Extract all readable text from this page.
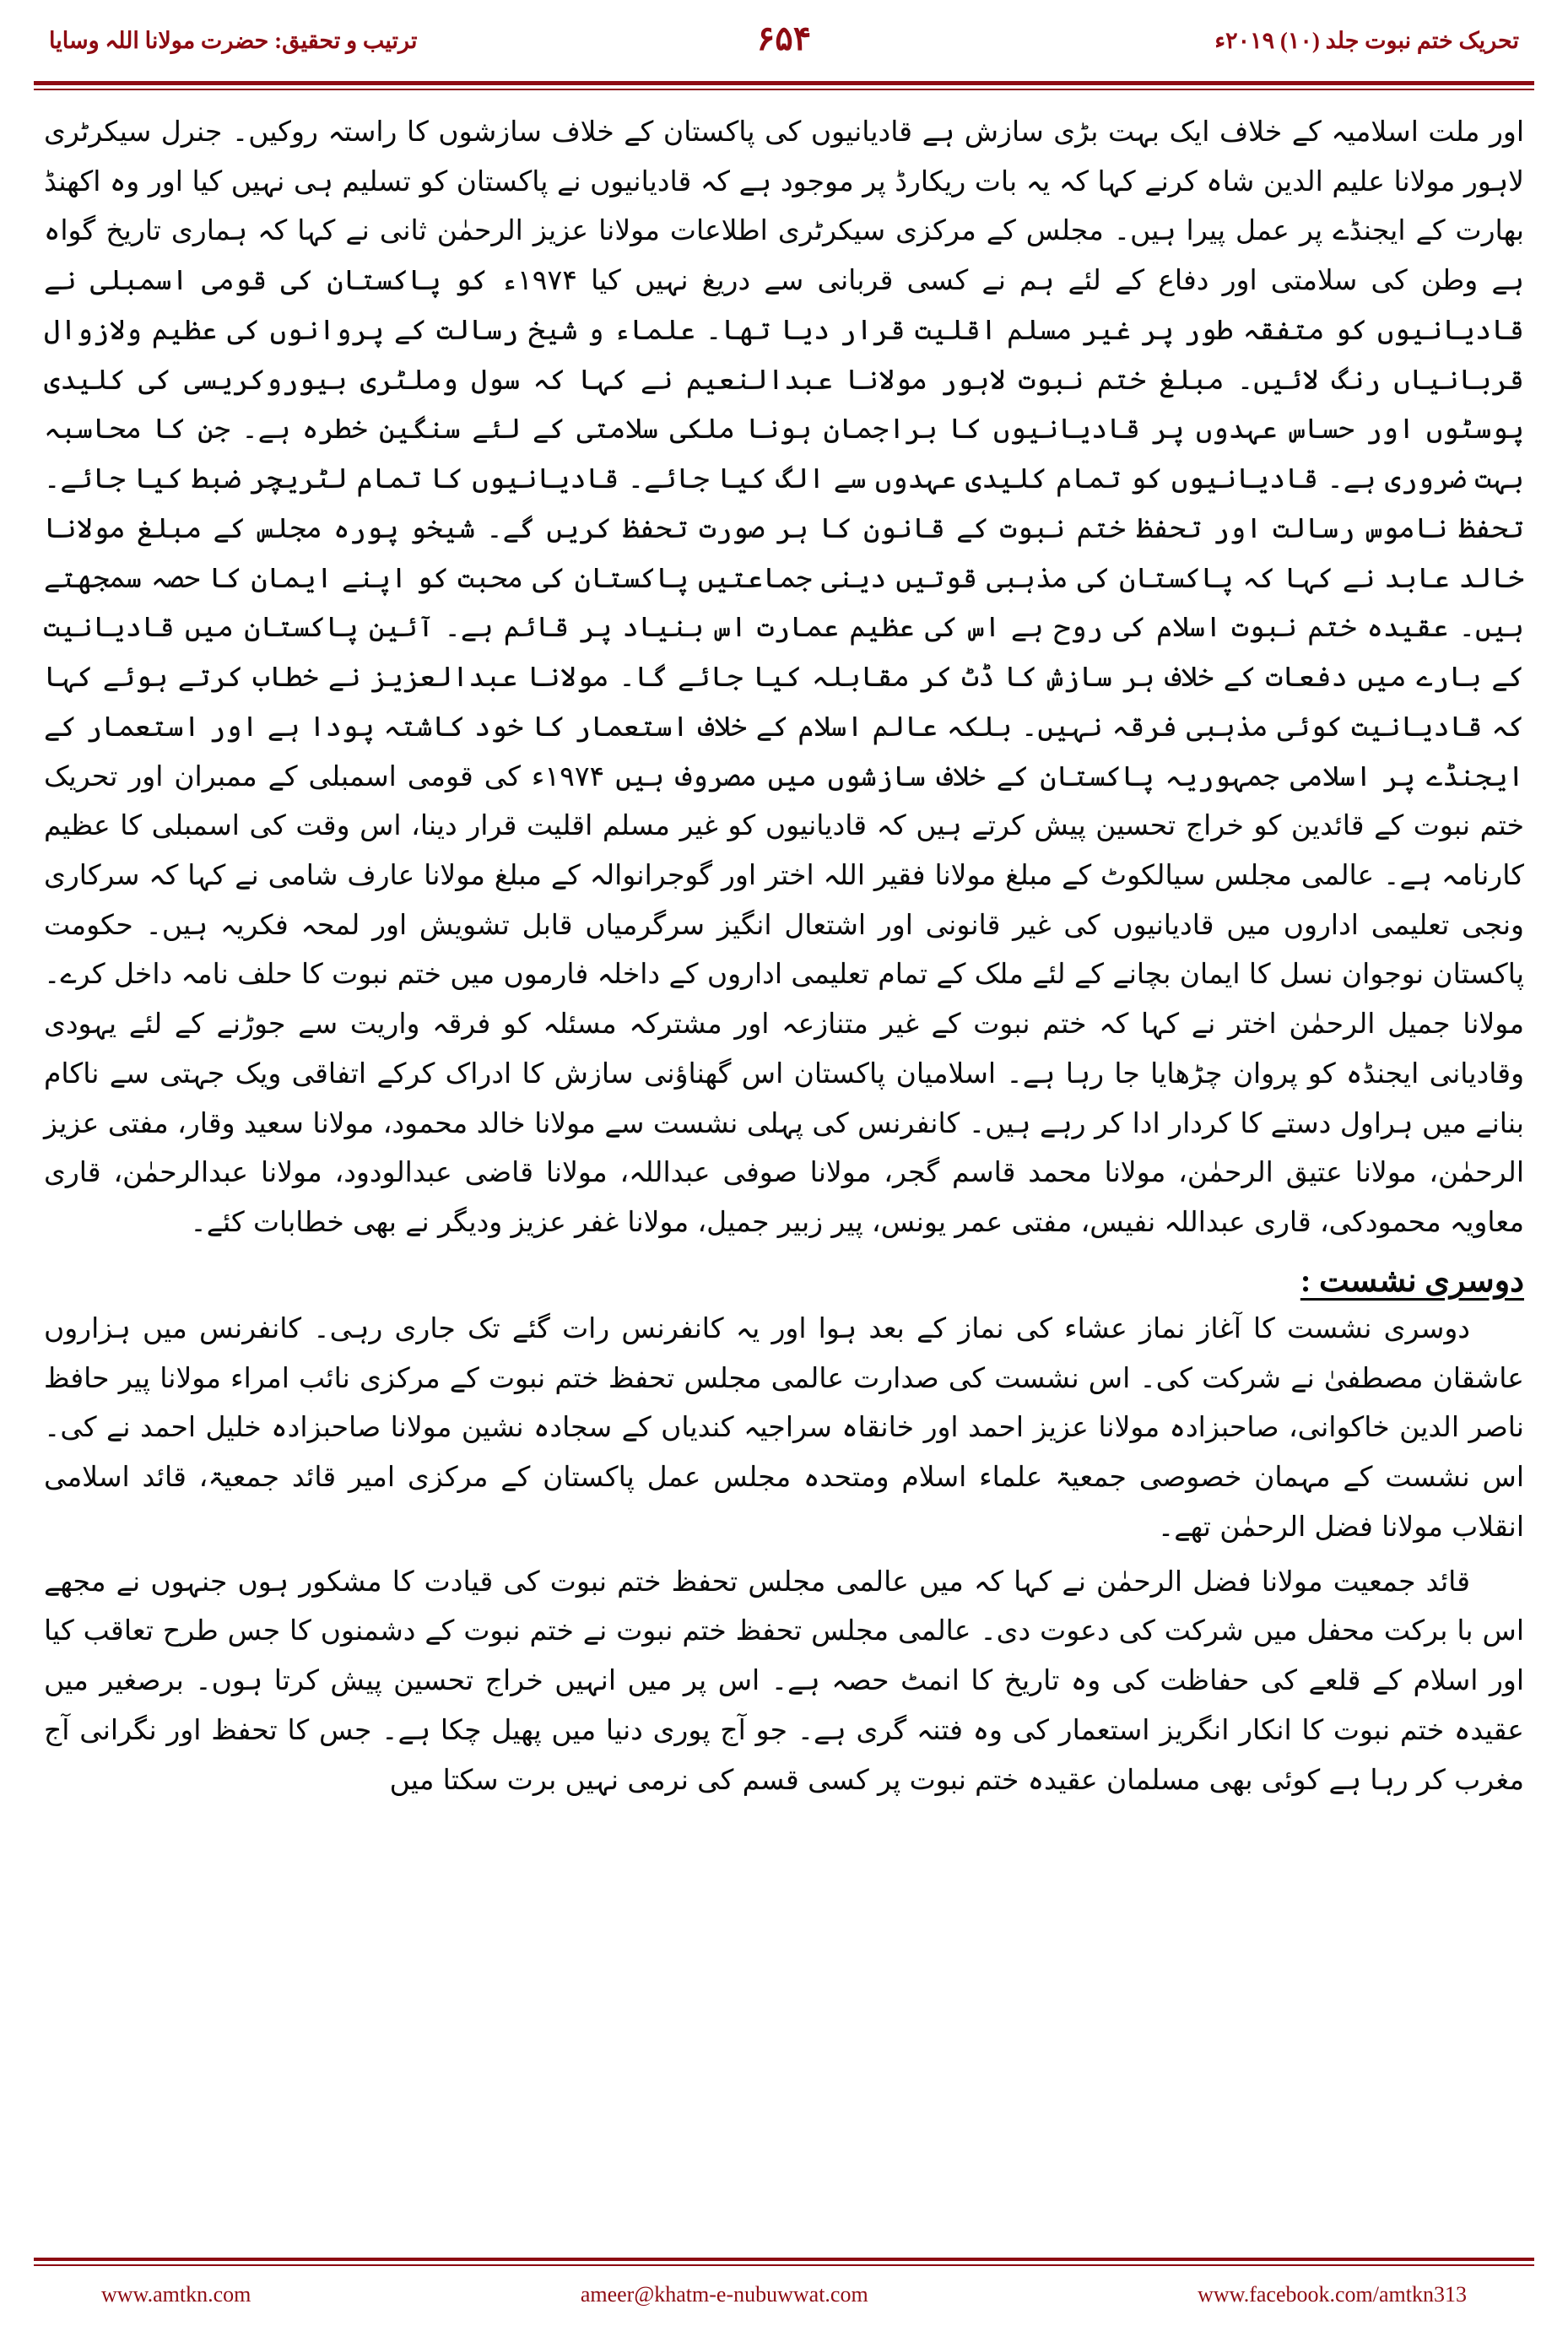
ترتیب و تحقیق: حضرت مولانا اللہ وسایا	تحریک ختم نبوت جلد (۱۰) ۲۰۱۹ء
۶۵۴

اور ملت اسلامیہ کے خلاف ایک بہت بڑی سازش ہے قادیانیوں کی پاکستان کے خلاف سازشوں کا راستہ روکیں۔ جنرل سیکرٹری لاہور مولانا علیم الدین شاہ کرنے کہا کہ یہ بات ریکارڈ پر موجود ہے کہ قادیانیوں نے پاکستان کو تسلیم ہی نہیں کیا اور وہ اکھنڈ بھارت کے ایجنڈے پر عمل پیرا ہیں۔ مجلس کے مرکزی سیکرٹری اطلاعات مولانا عزیز الرحمٰن ثانی نے کہا کہ ہماری تاریخ گواہ ہے وطن کی سلامتی اور دفاع کے لئے ہم نے کسی قربانی سے دریغ نہیں کیا ۱۹۷۴ء کو پاکستان کی قومی اسمبلی نے قادیانیوں کو متفقہ طور پر غیر مسلم اقلیت قرار دیا تھا۔ علماء و شیخ رسالت کے پروانوں کی عظیم ولازوال قربانیاں رنگ لائیں۔ مبلغ ختم نبوت لاہور مولانا عبدالنعیم نے کہا کہ سول وملٹری بیوروکریسی کی کلیدی پوسٹوں اور حساس عہدوں پر قادیانیوں کا براجمان ہونا ملکی سلامتی کے لئے سنگین خطرہ ہے۔ جن کا محاسبہ بہت ضروری ہے۔ قادیانیوں کو تمام کلیدی عہدوں سے الگ کیا جائے۔ قادیانیوں کا تمام لٹریچر ضبط کیا جائے۔ تحفظ ناموس رسالت اور تحفظ ختم نبوت کے قانون کا ہر صورت تحفظ کریں گے۔ شیخو پورہ مجلس کے مبلغ مولانا خالد عابد نے کہا کہ پاکستان کی مذہبی قوتیں دینی جماعتیں پاکستان کی محبت کو اپنے ایمان کا حصہ سمجھتے ہیں۔ عقیدہ ختم نبوت اسلام کی روح ہے اس کی عظیم عمارت اس بنیاد پر قائم ہے۔ آئین پاکستان میں قادیانیت کے بارے میں دفعات کے خلاف ہر سازش کا ڈٹ کر مقابلہ کیا جائے گا۔ مولانا عبدالعزیز نے خطاب کرتے ہوئے کہا کہ قادیانیت کوئی مذہبی فرقہ نہیں۔ بلکہ عالم اسلام کے خلاف استعمار کا خود کاشتہ پودا ہے اور استعمار کے ایجنڈے پر اسلامی جمہوریہ پاکستان کے خلاف سازشوں میں مصروف ہیں ۱۹۷۴ء کی قومی اسمبلی کے ممبران اور تحریک ختم نبوت کے قائدین کو خراج تحسین پیش کرتے ہیں کہ قادیانیوں کو غیر مسلم اقلیت قرار دینا، اس وقت کی اسمبلی کا عظیم کارنامہ ہے۔ عالمی مجلس سیالکوٹ کے مبلغ مولانا فقیر اللہ اختر اور گوجرانوالہ کے مبلغ مولانا عارف شامی نے کہا کہ سرکاری ونجی تعلیمی اداروں میں قادیانیوں کی غیر قانونی اور اشتعال انگیز سرگرمیاں قابل تشویش اور لمحہ فکریہ ہیں۔ حکومت پاکستان نوجوان نسل کا ایمان بچانے کے لئے ملک کے تمام تعلیمی اداروں کے داخلہ فارموں میں ختم نبوت کا حلف نامہ داخل کرے۔ مولانا جمیل الرحمٰن اختر نے کہا کہ ختم نبوت کے غیر متنازعہ اور مشترکہ مسئلہ کو فرقہ واریت سے جوڑنے کے لئے یہودی وقادیانی ایجنڈہ کو پروان چڑھایا جا رہا ہے۔ اسلامیان پاکستان اس گھناؤنی سازش کا ادراک کرکے اتفاقی ویک جہتی سے ناکام بنانے میں ہراول دستے کا کردار ادا کر رہے ہیں۔ کانفرنس کی پہلی نشست سے مولانا خالد محمود، مولانا سعید وقار، مفتی عزیز الرحمٰن، مولانا عتیق الرحمٰن، مولانا محمد قاسم گجر، مولانا صوفی عبداللہ، مولانا قاضی عبدالودود، مولانا عبدالرحمٰن، قاری معاویہ محمودکی، قاری عبداللہ نفیس، مفتی عمر یونس، پیر زبیر جمیل، مولانا غفر عزیز ودیگر نے بھی خطابات کئے۔

دوسری نشست :

دوسری نشست کا آغاز نماز عشاء کی نماز کے بعد ہوا اور یہ کانفرنس رات گئے تک جاری رہی۔ کانفرنس میں ہزاروں عاشقان مصطفیٰ نے شرکت کی۔ اس نشست کی صدارت عالمی مجلس تحفظ ختم نبوت کے مرکزی نائب امراء مولانا پیر حافظ ناصر الدین خاکوانی، صاحبزادہ مولانا عزیز احمد اور خانقاہ سراجیہ کندیاں کے سجادہ نشین مولانا صاحبزادہ خلیل احمد نے کی۔ اس نشست کے مہمان خصوصی جمعیۃ علماء اسلام ومتحدہ مجلس عمل پاکستان کے مرکزی امیر قائد جمعیۃ، قائد اسلامی انقلاب مولانا فضل الرحمٰن تھے۔

قائد جمعیت مولانا فضل الرحمٰن نے کہا کہ میں عالمی مجلس تحفظ ختم نبوت کی قیادت کا مشکور ہوں جنہوں نے مجھے اس با برکت محفل میں شرکت کی دعوت دی۔ عالمی مجلس تحفظ ختم نبوت نے ختم نبوت کے دشمنوں کا جس طرح تعاقب کیا اور اسلام کے قلعے کی حفاظت کی وہ تاریخ کا انمٹ حصہ ہے۔ اس پر میں انہیں خراج تحسین پیش کرتا ہوں۔ برصغیر میں عقیدہ ختم نبوت کا انکار انگریز استعمار کی وہ فتنہ گری ہے۔ جو آج پوری دنیا میں پھیل چکا ہے۔ جس کا تحفظ اور نگرانی آج مغرب کر رہا ہے کوئی بھی مسلمان عقیدہ ختم نبوت پر کسی قسم کی نرمی نہیں برت سکتا میں

www.amtkn.com	ameer@khatm-e-nubuwwat.com	www.facebook.com/amtkn313
